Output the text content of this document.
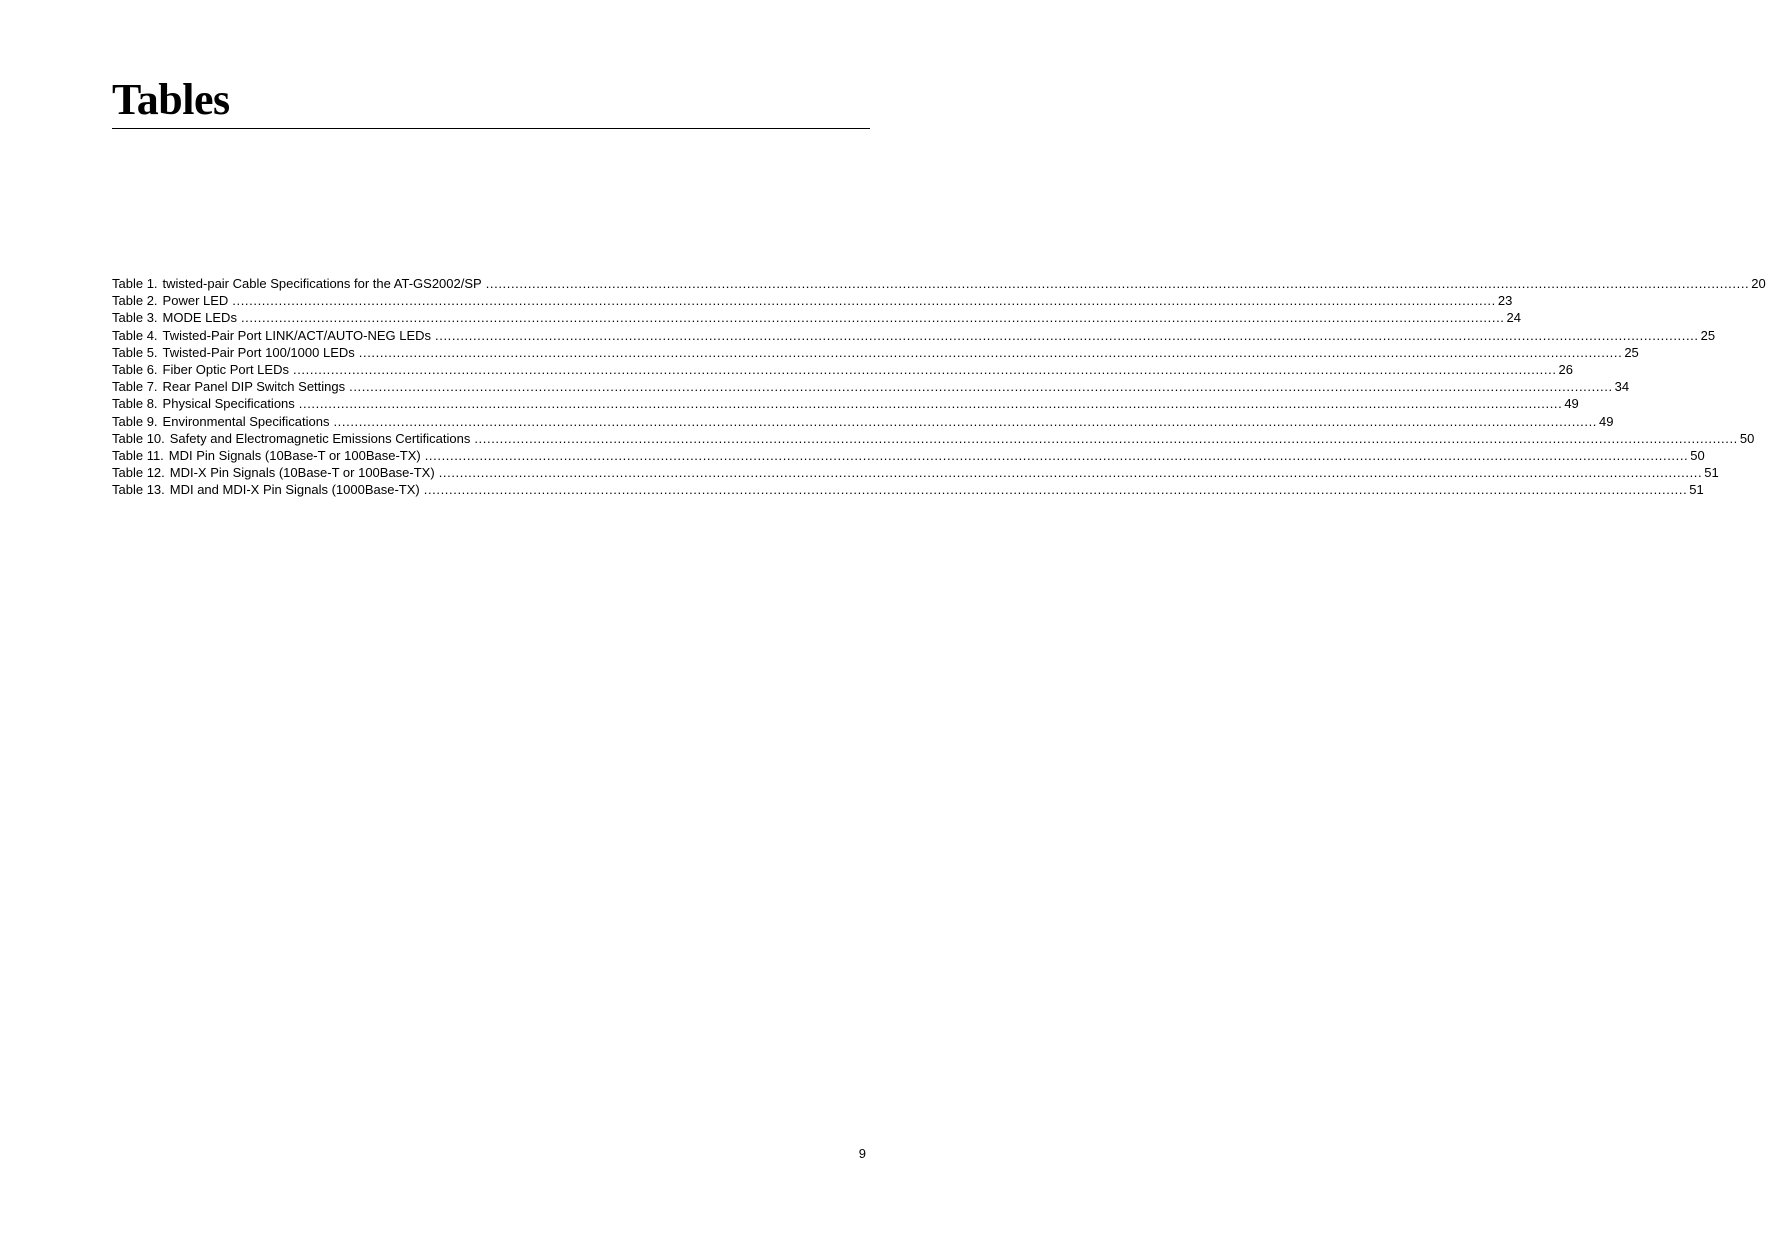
Tables
Table 1. twisted-pair Cable Specifications for the AT-GS2002/SP ............................................................................................................................................................................................................................................................................................................ 20
Table 2. Power LED ............................................................................................................................................................................................................................................................................................................ 23
Table 3. MODE LEDs ............................................................................................................................................................................................................................................................................................................ 24
Table 4. Twisted-Pair Port LINK/ACT/AUTO-NEG LEDs ............................................................................................................................................................................................................................................................................................................ 25
Table 5. Twisted-Pair Port 100/1000 LEDs ............................................................................................................................................................................................................................................................................................................ 25
Table 6. Fiber Optic Port LEDs ............................................................................................................................................................................................................................................................................................................ 26
Table 7. Rear Panel DIP Switch Settings ............................................................................................................................................................................................................................................................................................................ 34
Table 8. Physical Specifications ............................................................................................................................................................................................................................................................................................................ 49
Table 9. Environmental Specifications ............................................................................................................................................................................................................................................................................................................ 49
Table 10. Safety and Electromagnetic Emissions Certifications ............................................................................................................................................................................................................................................................................................................ 50
Table 11. MDI Pin Signals (10Base-T or 100Base-TX) ............................................................................................................................................................................................................................................................................................................ 50
Table 12. MDI-X Pin Signals (10Base-T or 100Base-TX) ............................................................................................................................................................................................................................................................................................................ 51
Table 13. MDI and MDI-X Pin Signals (1000Base-TX) ............................................................................................................................................................................................................................................................................................................ 51
9
